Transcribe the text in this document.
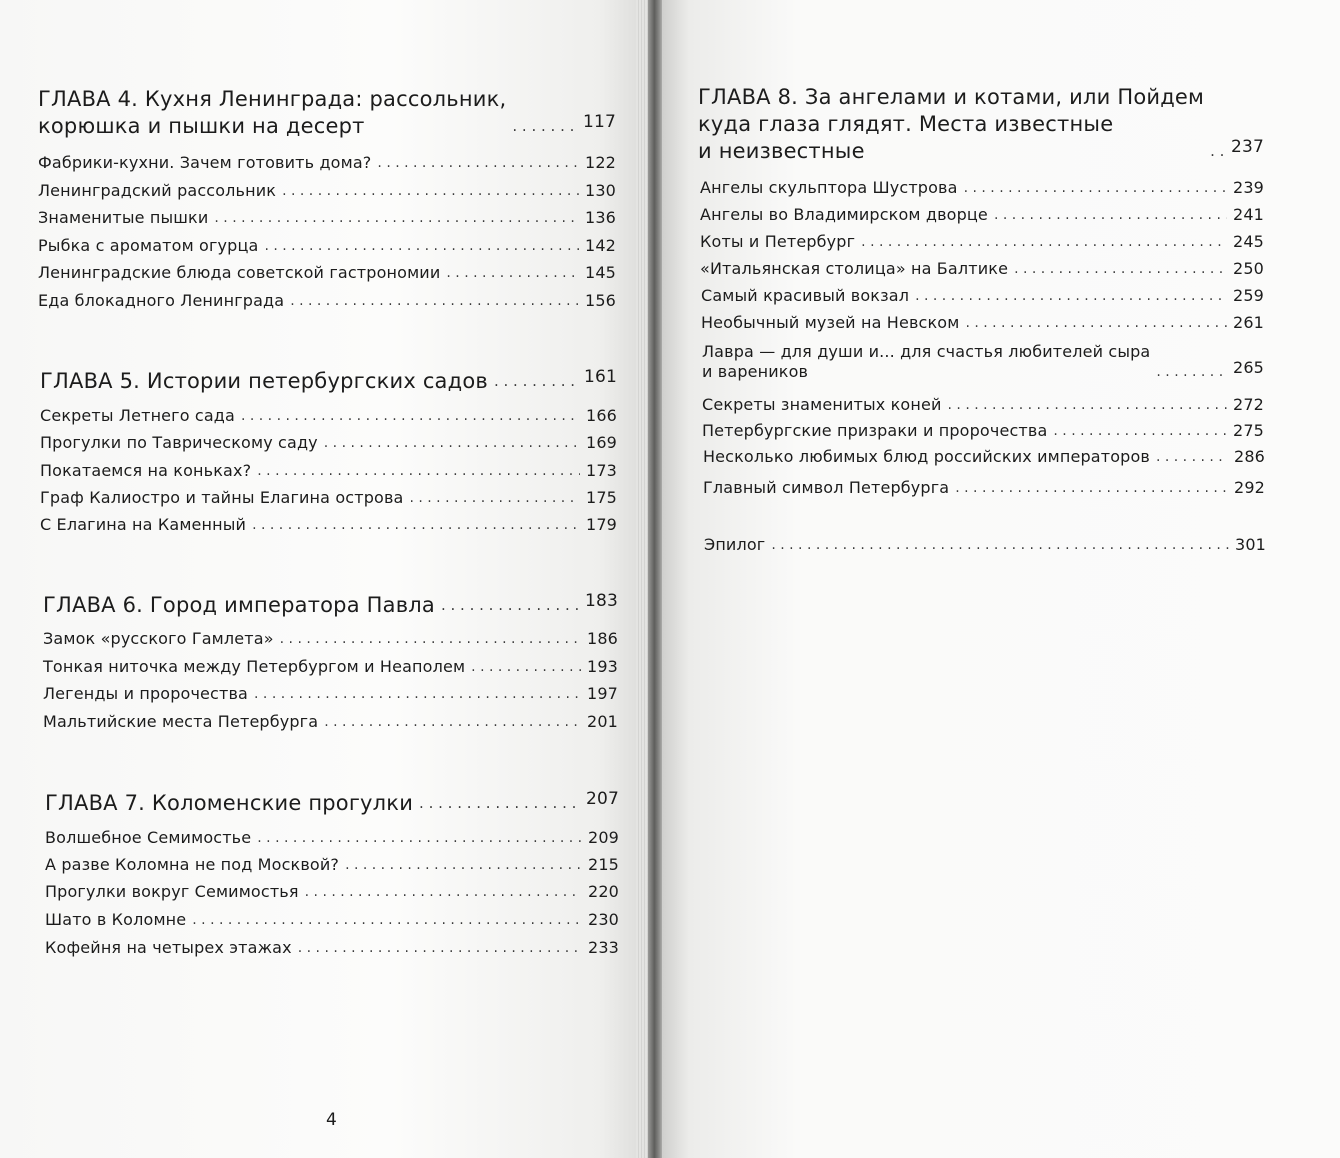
ГЛАВА 4. Кухня Ленинграда: рассольник,
корюшка и пышки на десерт . . .	117
Фабрики-кухни. Зачем готовить дома? . . .	122
Ленинградский рассольник . . .	130
Знаменитые пышки . . .	136
Рыбка с ароматом огурца . . .	142
Ленинградские блюда советской гастрономии . . .	145
Еда блокадного Ленинграда . . .	156
ГЛАВА 5. Истории петербургских садов . . .	161
Секреты Летнего сада . . .	166
Прогулки по Таврическому саду . . .	169
Покатаемся на коньках? . . .	173
Граф Калиостро и тайны Елагина острова . . .	175
С Елагина на Каменный . . .	179
ГЛАВА 6. Город императора Павла . . .	183
Замок «русского Гамлета» . . .	186
Тонкая ниточка между Петербургом и Неаполем . . .	193
Легенды и пророчества . . .	197
Мальтийские места Петербурга . . .	201
ГЛАВА 7. Коломенские прогулки . . .	207
Волшебное Семимостье . . .	209
А разве Коломна не под Москвой? . . .	215
Прогулки вокруг Семимостья . . .	220
Шато в Коломне . . .	230
Кофейня на четырех этажах . . .	233
4
ГЛАВА 8. За ангелами и котами, или Пойдем
куда глаза глядят. Места известные
и неизвестные . . .	237
Ангелы скульптора Шустрова . . .	239
Ангелы во Владимирском дворце . . .	241
Коты и Петербург . . .	245
«Итальянская столица» на Балтике . . .	250
Самый красивый вокзал . . .	259
Необычный музей на Невском . . .	261
Лавра — для души и... для счастья любителей сыра
и вареников . . .	265
Секреты знаменитых коней . . .	272
Петербургские призраки и пророчества . . .	275
Несколько любимых блюд российских императоров . . .	286
Главный символ Петербурга . . .	292
Эпилог . . .	301
